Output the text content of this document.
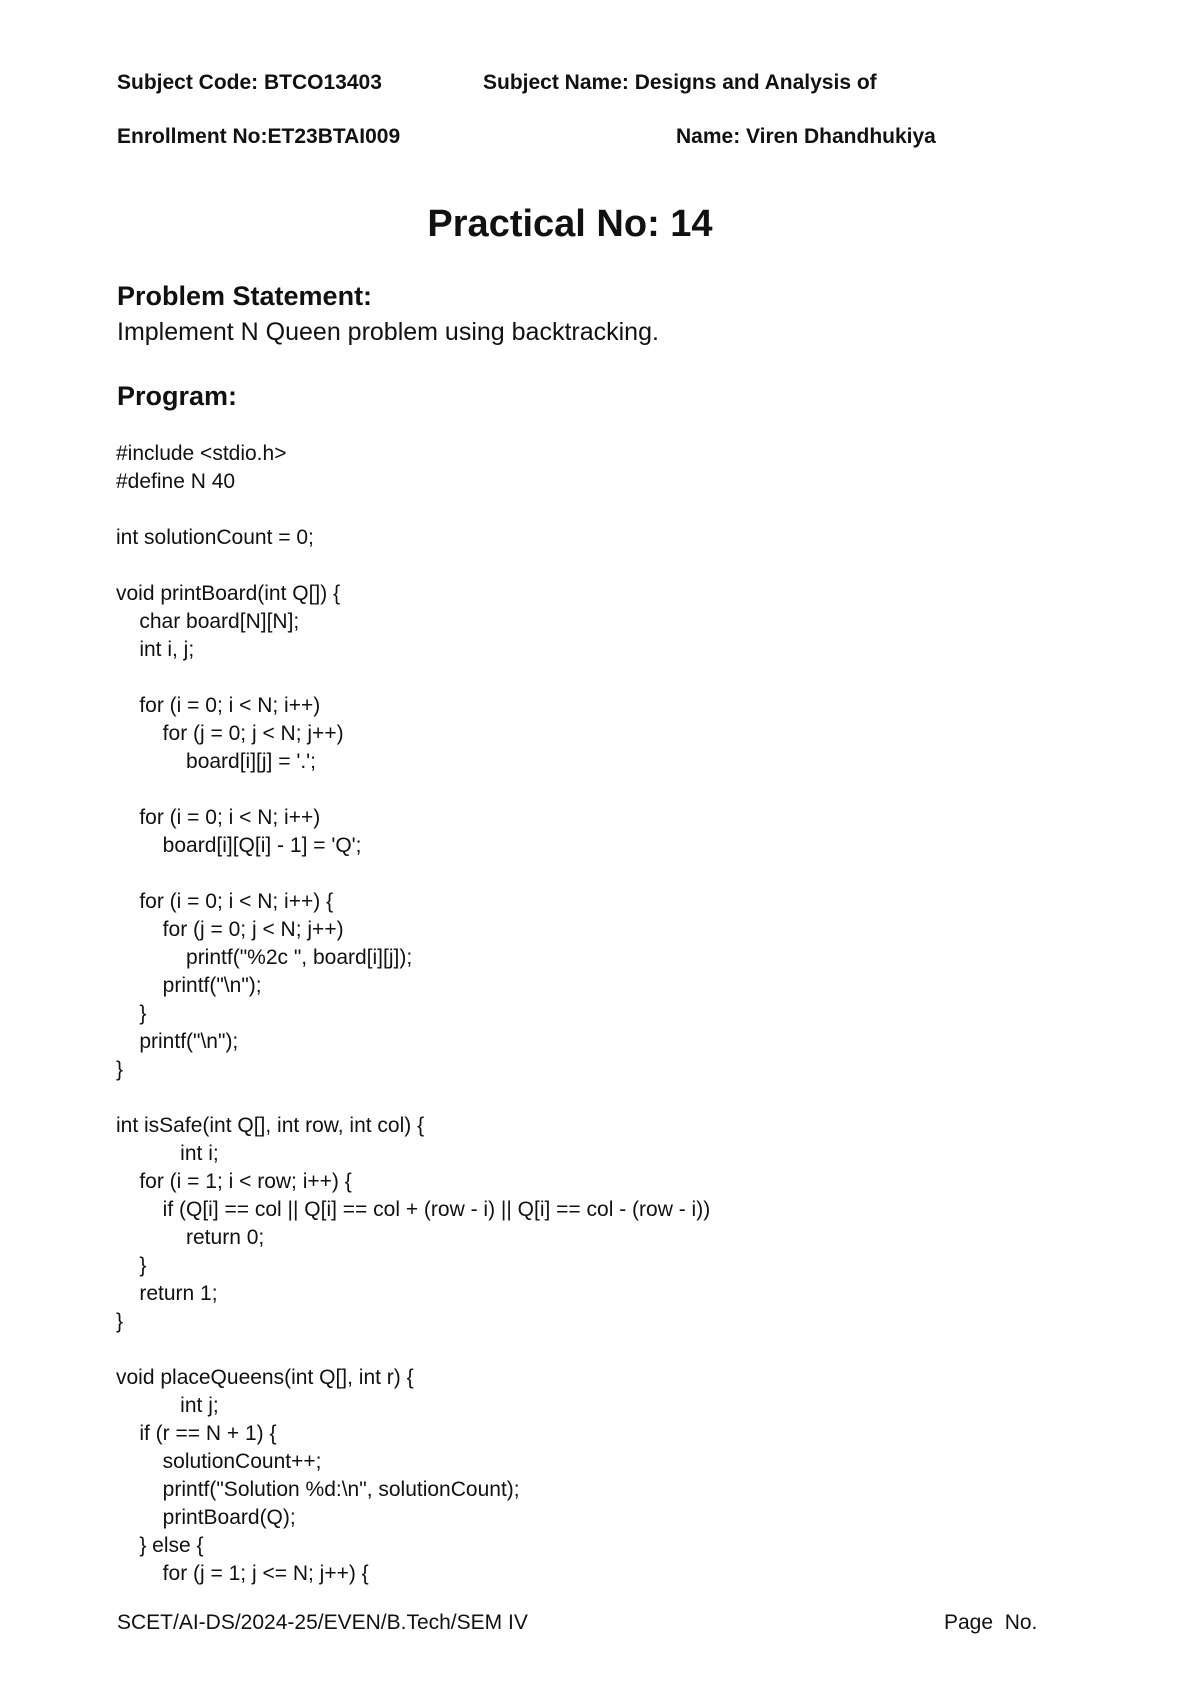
Subject Code: BTCO13403	Subject Name: Designs and Analysis of
Enrollment No:ET23BTAI009	Name: Viren Dhandhukiya
Practical No: 14
Problem Statement:
Implement N Queen problem using backtracking.
Program:
#include <stdio.h>
#define N 40
int solutionCount = 0;
void printBoard(int Q[]) {
char board[N][N];
int i, j;
for (i = 0; i < N; i++)
for (j = 0; j < N; j++)
board[i][j] = '.';
for (i = 0; i < N; i++)
board[i][Q[i] - 1] = 'Q';
for (i = 0; i < N; i++) {
for (j = 0; j < N; j++)
printf("%2c ", board[i][j]);
printf("\n");
}
printf("\n");
}
int isSafe(int Q[], int row, int col) {
int i;
for (i = 1; i < row; i++) {
if (Q[i] == col || Q[i] == col + (row - i) || Q[i] == col - (row - i))
return 0;
}
return 1;
}
void placeQueens(int Q[], int r) {
int j;
if (r == N + 1) {
solutionCount++;
printf("Solution %d:\n", solutionCount);
printBoard(Q);
} else {
for (j = 1; j <= N; j++) {
SCET/AI-DS/2024-25/EVEN/B.Tech/SEM IV	Page  No.
